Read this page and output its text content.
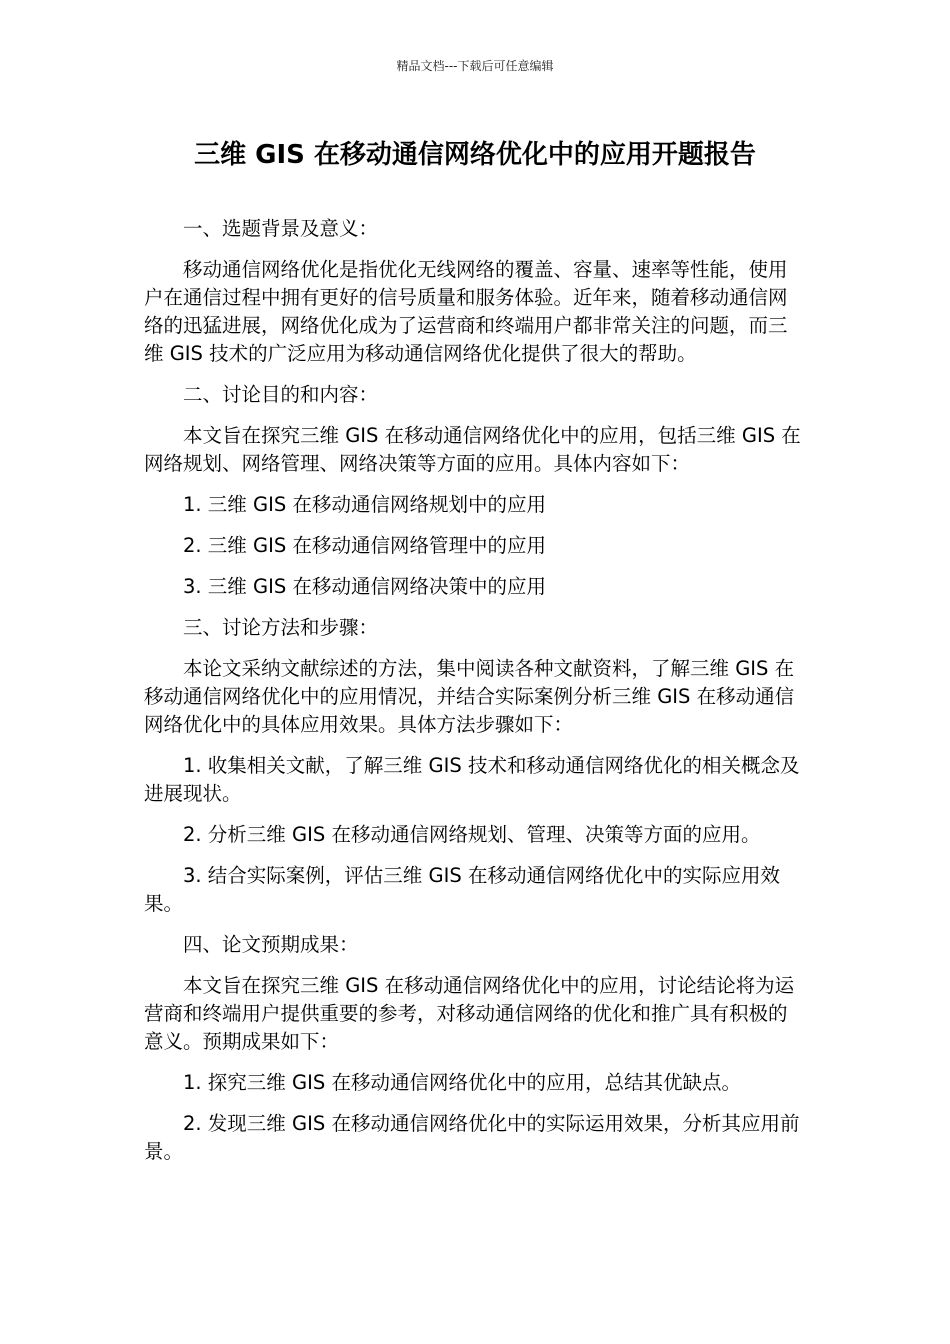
精品文档---下载后可任意编辑
三维 GIS 在移动通信网络优化中的应用开题报告

一、选题背景及意义：

移动通信网络优化是指优化无线网络的覆盖、容量、速率等性能，使用户在通信过程中拥有更好的信号质量和服务体验。近年来，随着移动通信网络的迅猛进展，网络优化成为了运营商和终端用户都非常关注的问题，而三维 GIS 技术的广泛应用为移动通信网络优化提供了很大的帮助。

二、讨论目的和内容：

本文旨在探究三维 GIS 在移动通信网络优化中的应用，包括三维 GIS 在网络规划、网络管理、网络决策等方面的应用。具体内容如下：

1. 三维 GIS 在移动通信网络规划中的应用

2. 三维 GIS 在移动通信网络管理中的应用

3. 三维 GIS 在移动通信网络决策中的应用

三、讨论方法和步骤：

本论文采纳文献综述的方法，集中阅读各种文献资料，了解三维 GIS 在移动通信网络优化中的应用情况，并结合实际案例分析三维 GIS 在移动通信网络优化中的具体应用效果。具体方法步骤如下：

1. 收集相关文献，了解三维 GIS 技术和移动通信网络优化的相关概念及进展现状。

2. 分析三维 GIS 在移动通信网络规划、管理、决策等方面的应用。

3. 结合实际案例，评估三维 GIS 在移动通信网络优化中的实际应用效果。

四、论文预期成果：

本文旨在探究三维 GIS 在移动通信网络优化中的应用，讨论结论将为运营商和终端用户提供重要的参考，对移动通信网络的优化和推广具有积极的意义。预期成果如下：

1. 探究三维 GIS 在移动通信网络优化中的应用，总结其优缺点。

2. 发现三维 GIS 在移动通信网络优化中的实际运用效果，分析其应用前景。
